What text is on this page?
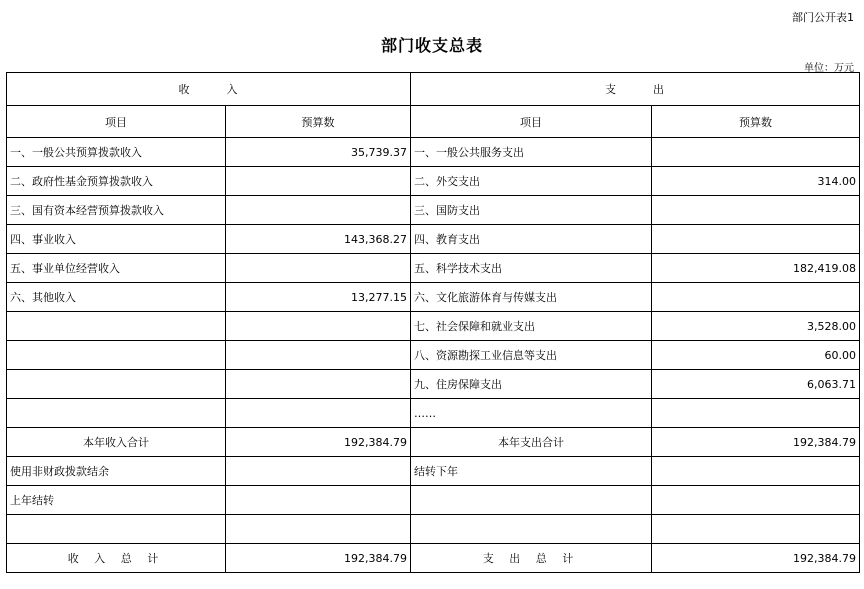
部门公开表1
部门收支总表
单位：万元
收        入		支        出	
项目	预算数	项目	预算数
一、一般公共预算拨款收入	35,739.37	一、一般公共服务支出	
二、政府性基金预算拨款收入		二、外交支出	314.00
三、国有资本经营预算拨款收入		三、国防支出	
四、事业收入	143,368.27	四、教育支出	
五、事业单位经营收入		五、科学技术支出	182,419.08
六、其他收入	13,277.15	六、文化旅游体育与传媒支出	
		七、社会保障和就业支出	3,528.00
		八、资源勘探工业信息等支出	60.00
		九、住房保障支出	6,063.71
		……	
本年收入合计	192,384.79	本年支出合计	192,384.79
使用非财政拨款结余		结转下年	
上年结转			

收 入 总 计	192,384.79	支 出 总 计	192,384.79
